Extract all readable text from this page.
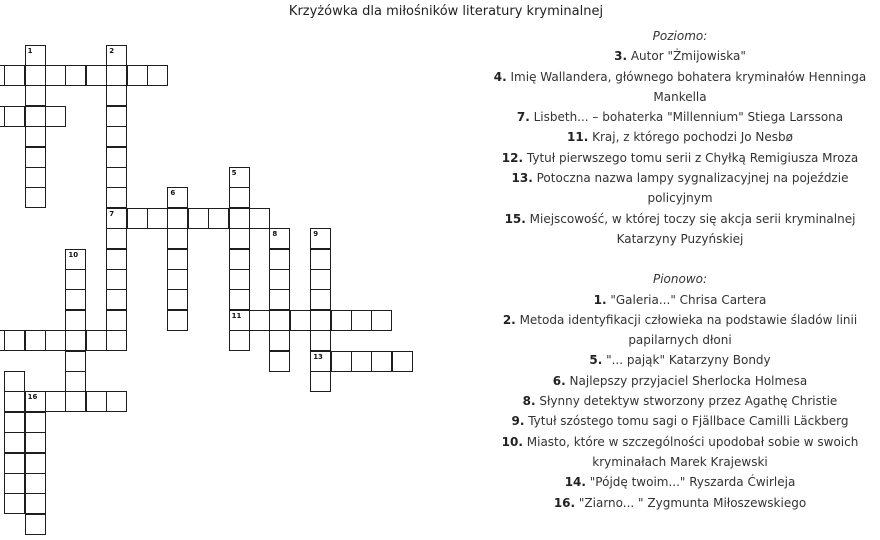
Krzyżówka dla miłośników literatury kryminalnej
1	2
5
6
7
8	9
10
11
13
16
Poziomo:
3. Autor "Żmijowiska"
4. Imię Wallandera, głównego bohatera kryminałów Henninga Mankella
7. Lisbeth... – bohaterka "Millennium" Stiega Larssona
11. Kraj, z którego pochodzi Jo Nesbø
12. Tytuł pierwszego tomu serii z Chyłką Remigiusza Mroza
13. Potoczna nazwa lampy sygnalizacyjnej na pojeździe policyjnym
15. Miejscowość, w której toczy się akcja serii kryminalnej Katarzyny Puzyńskiej
Pionowo:
1. "Galeria..." Chrisa Cartera
2. Metoda identyfikacji człowieka na podstawie śladów linii papilarnych dłoni
5. "... pająk" Katarzyny Bondy
6. Najlepszy przyjaciel Sherlocka Holmesa
8. Słynny detektyw stworzony przez Agathę Christie
9. Tytuł szóstego tomu sagi o Fjällbace Camilli Läckberg
10. Miasto, które w szczególności upodobał sobie w swoich kryminałach Marek Krajewski
14. "Pójdę twoim..." Ryszarda Ćwirleja
16. "Ziarno... " Zygmunta Miłoszewskiego
